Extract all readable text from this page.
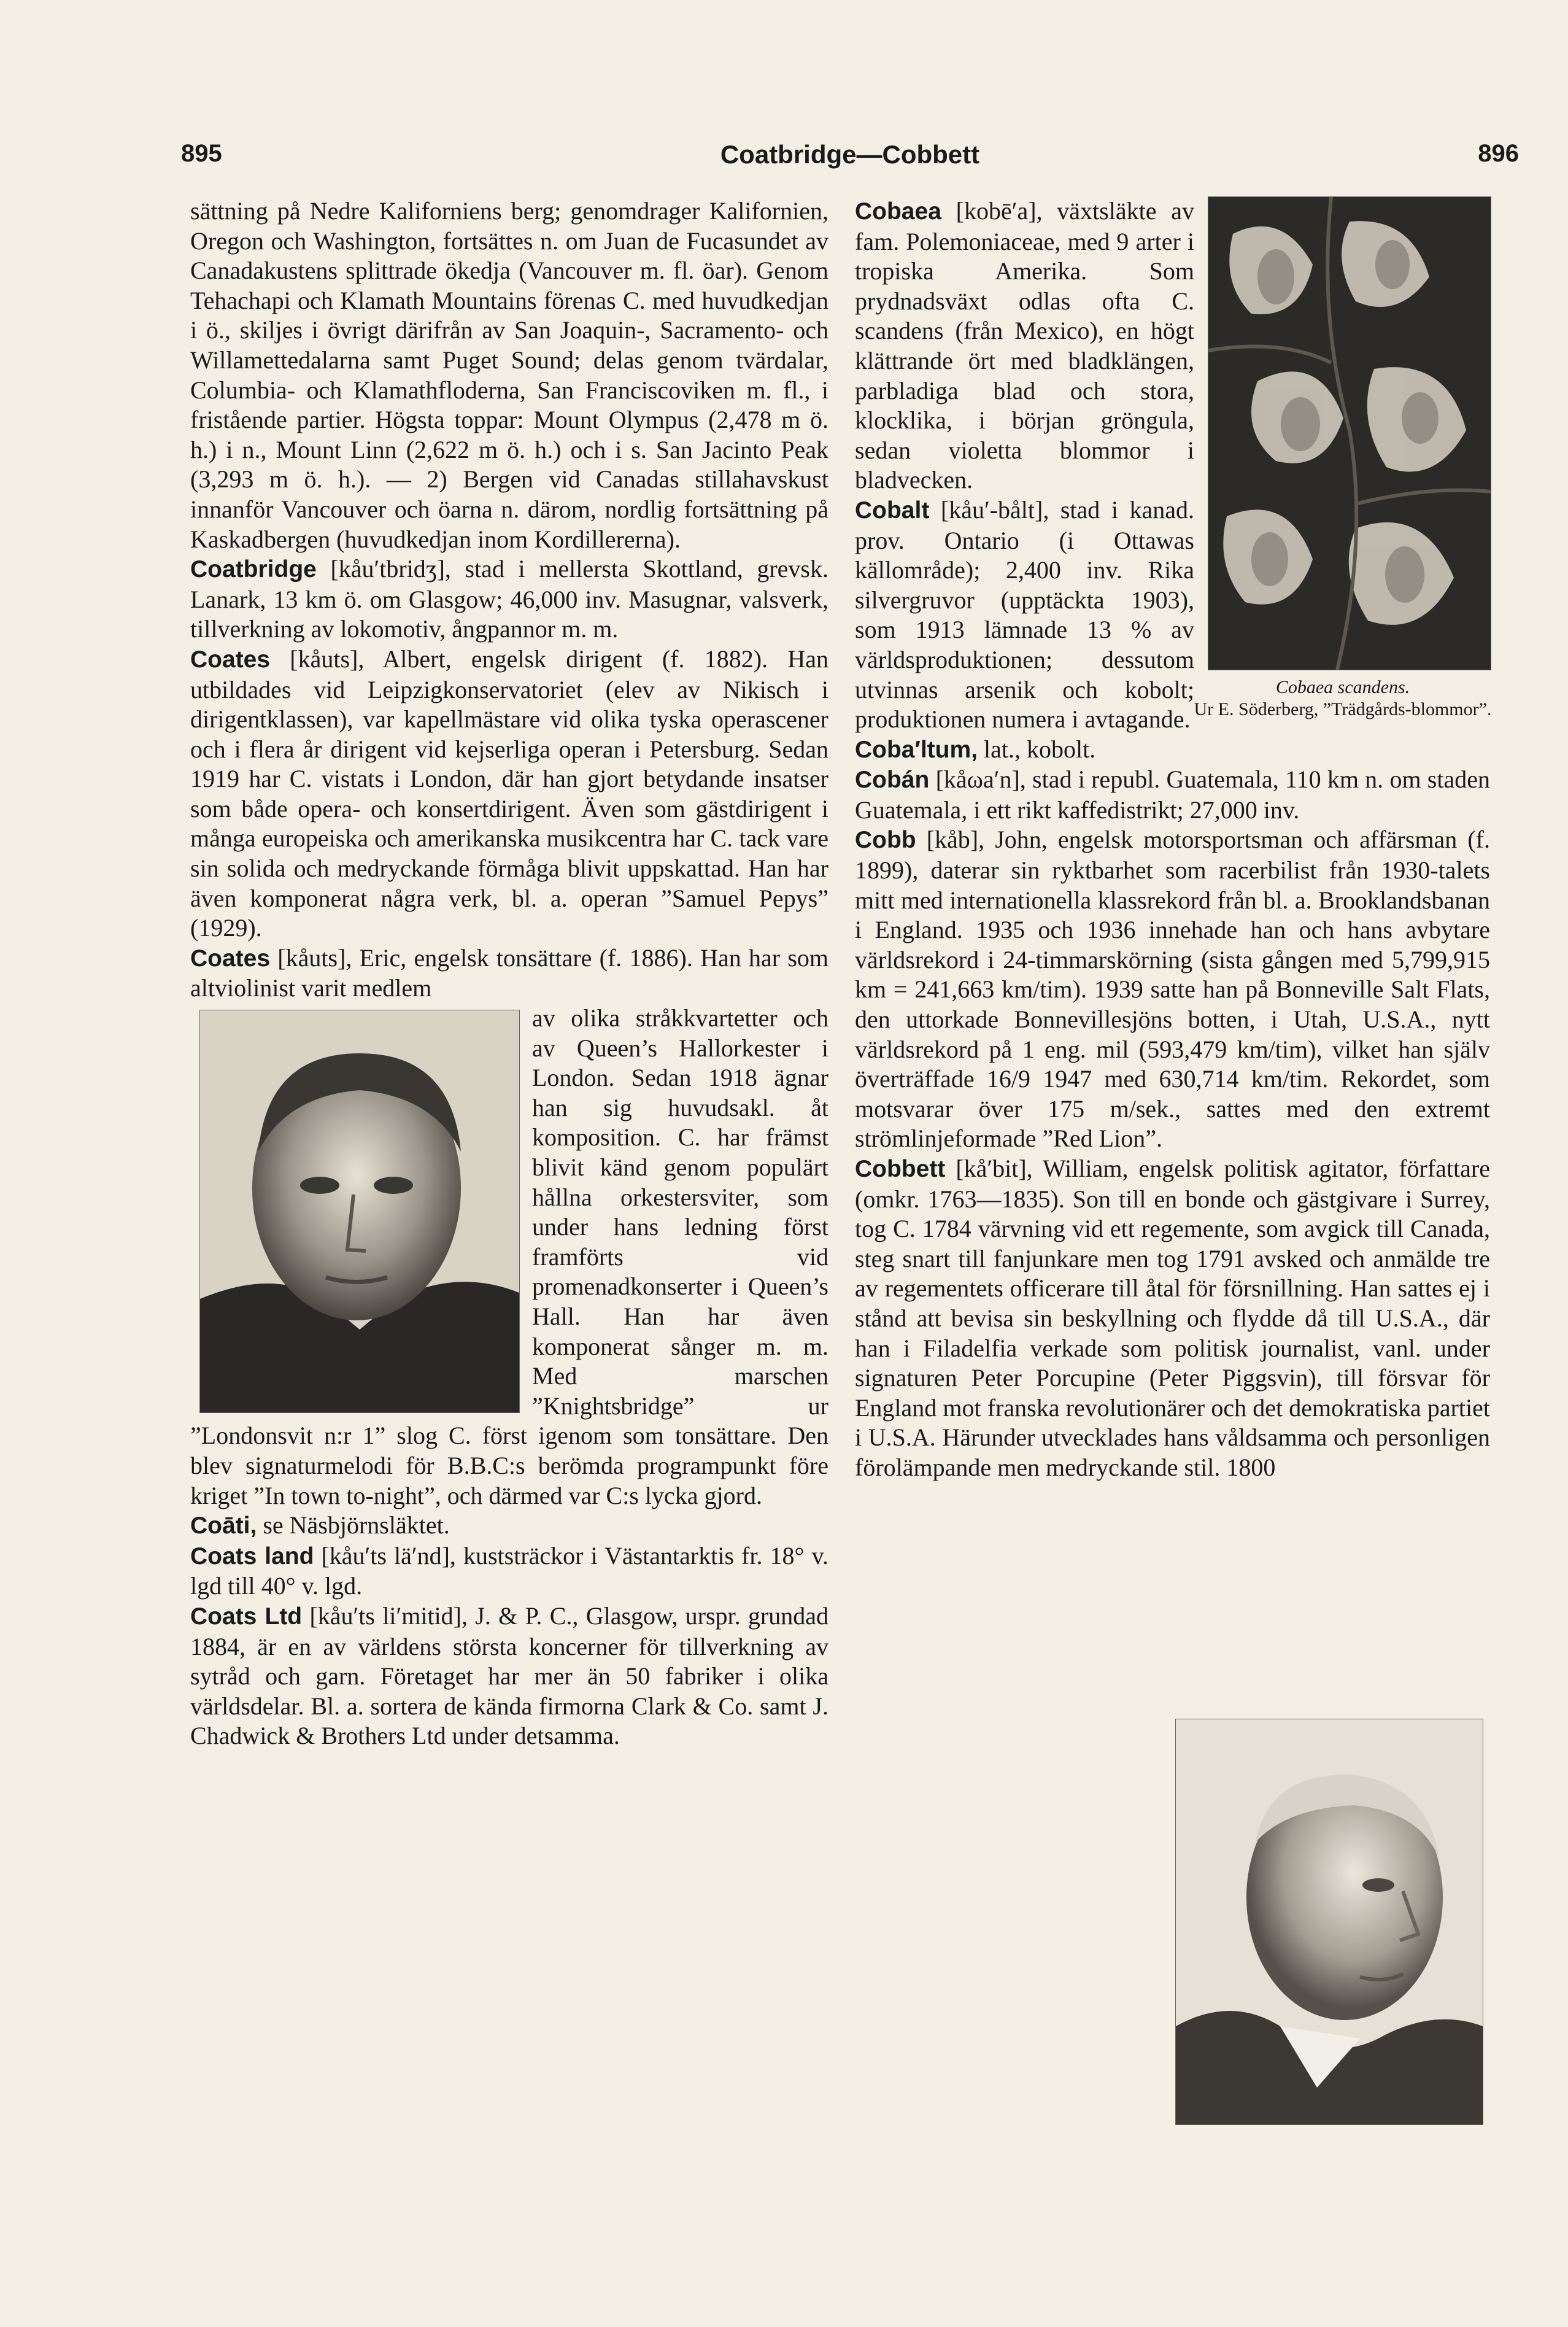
895	Coatbridge—Cobbett	896

sättning på Nedre Kaliforniens berg; genomdrager Kalifornien, Oregon och Washington, fortsättes n. om Juan de Fucasundet av Canadakustens splittrade ökedja (Vancouver m. fl. öar). Genom Tehachapi och Klamath Mountains förenas C. med huvudkedjan i ö., skiljes i övrigt därifrån av San Joaquin-, Sacramento- och Willamettedalarna samt Puget Sound; delas genom tvärdalar, Columbia- och Klamathfloderna, San Franciscoviken m. fl., i fristående partier. Högsta toppar: Mount Olympus (2,478 m ö. h.) i n., Mount Linn (2,622 m ö. h.) och i s. San Jacinto Peak (3,293 m ö. h.). — 2) Bergen vid Canadas stillahavskust innanför Vancouver och öarna n. därom, nordlig fortsättning på Kaskadbergen (huvudkedjan inom Kordillererna).

Coatbridge [kåu′tbridʒ], stad i mellersta Skottland, grevsk. Lanark, 13 km ö. om Glasgow; 46,000 inv. Masugnar, valsverk, tillverkning av lokomotiv, ångpannor m. m.

Coates [kåuts], Albert, engelsk dirigent (f. 1882). Han utbildades vid Leipzigkonservatoriet (elev av Nikisch i dirigentklassen), var kapellmästare vid olika tyska operascener och i flera år dirigent vid kejserliga operan i Petersburg. Sedan 1919 har C. vistats i London, där han gjort betydande insatser som både opera- och konsertdirigent. Även som gästdirigent i många europeiska och amerikanska musikcentra har C. tack vare sin solida och medryckande förmåga blivit uppskattad. Han har även komponerat några verk, bl. a. operan ”Samuel Pepys” (1929).

Coates [kåuts], Eric, engelsk tonsättare (f. 1886). Han har som altviolinist varit medlem

av olika stråkkvartetter och av Queen’s Hallorkester i London. Sedan 1918 ägnar han sig huvudsakl. åt komposition. C. har främst blivit känd genom populärt hållna orkestersviter, som under hans ledning först framförts vid promenadkonserter i Queen’s Hall. Han har även komponerat sånger m. m. Med marschen ”Knightsbridge” ur ”Londonsvit n:r 1” slog C. först igenom som tonsättare. Den blev signaturmelodi för B.B.C:s berömda programpunkt före kriget ”In town to-night”, och därmed var C:s lycka gjord.

Coāti, se Näsbjörnsläktet.

Coats land [kåu′ts lä′nd], kuststräckor i Västantarktis fr. 18° v. lgd till 40° v. lgd.

Coats Ltd [kåu′ts li′mitid], J. & P. C., Glasgow, urspr. grundad 1884, är en av världens största koncerner för tillverkning av sytråd och garn. Företaget har mer än 50 fabriker i olika världsdelar. Bl. a. sortera de kända firmorna Clark & Co. samt J. Chadwick & Brothers Ltd under detsamma.

Cobaea scandens.
Ur E. Söderberg, ”Trädgårds-blommor”.

Cobaea [kobē′a], växtsläkte av fam. Polemoniaceae, med 9 arter i tropiska Amerika. Som prydnadsväxt odlas ofta C. scandens (från Mexico), en högt klättrande ört med bladklängen, parbladiga blad och stora, klocklika, i början gröngula, sedan violetta blommor i bladvecken.

Cobalt [kåu′-bålt], stad i kanad. prov. Ontario (i Ottawas källområde); 2,400 inv. Rika silvergruvor (upptäckta 1903), som 1913 lämnade 13 % av världsproduktionen; dessutom utvinnas arsenik och kobolt; produktionen numera i avtagande.

Coba′ltum, lat., kobolt.

Cobán [kåωa′n], stad i republ. Guatemala, 110 km n. om staden Guatemala, i ett rikt kaffedistrikt; 27,000 inv.

Cobb [kåb], John, engelsk motorsportsman och affärsman (f. 1899), daterar sin ryktbarhet som racerbilist från 1930-talets mitt med internationella klassrekord från bl. a. Brooklandsbanan i England. 1935 och 1936 innehade han och hans avbytare världsrekord i 24-timmarskörning (sista gången med 5,799,915 km = 241,663 km/tim). 1939 satte han på Bonneville Salt Flats, den uttorkade Bonnevillesjöns botten, i Utah, U.S.A., nytt världsrekord på 1 eng. mil (593,479 km/tim), vilket han själv överträffade 16/9 1947 med 630,714 km/tim. Rekordet, som motsvarar över 175 m/sek., sattes med den extremt strömlinjeformade ”Red Lion”.

Cobbett [kå′bit], William, engelsk politisk agitator, författare (omkr. 1763—1835). Son till en bonde och gästgivare i Surrey, tog C. 1784 värvning vid ett regemente, som avgick till Canada, steg snart till fanjunkare men tog 1791 avsked och anmälde tre av regementets officerare till åtal för försnillning. Han sattes ej i stånd att bevisa sin beskyllning och flydde då till U.S.A., där han i Filadelfia verkade som politisk journalist, vanl. under signaturen Peter Porcupine (Peter Piggsvin), till försvar för England mot franska revolutionärer och det demokratiska partiet i U.S.A. Härunder utvecklades hans våldsamma och personligen förolämpande men medryckande stil. 1800
